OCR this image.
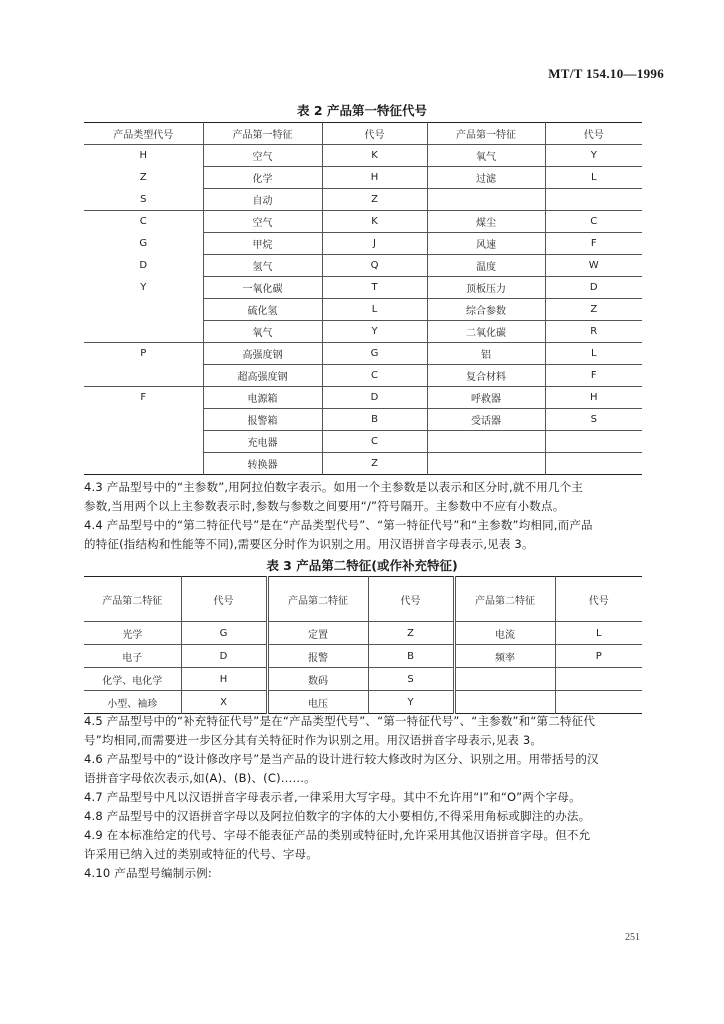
MT/T 154.10—1996
表 2 产品第一特征代号
产品类型代号	产品第一特征	代号	产品第一特征	代号
H	空气	K	氧气	Y
Z	化学	H	过滤	L
S	自动	Z		
C	空气	K	煤尘	C
G	甲烷	J	风速	F
D	氢气	Q	温度	W
Y	一氧化碳	T	顶板压力	D
	硫化氢	L	综合参数	Z
	氧气	Y	二氧化碳	R
P	高强度钢	G	铝	L
	超高强度钢	C	复合材料	F
F	电源箱	D	呼救器	H
	报警箱	B	受话器	S
	充电器	C		
	转换器	Z		
4.3 产品型号中的“主参数”,用阿拉伯数字表示。如用一个主参数是以表示和区分时,就不用几个主
参数,当用两个以上主参数表示时,参数与参数之间要用“/”符号隔开。主参数中不应有小数点。
4.4 产品型号中的“第二特征代号”是在“产品类型代号”、“第一特征代号”和“主参数”均相同,而产品
的特征(指结构和性能等不同),需要区分时作为识别之用。用汉语拼音字母表示,见表 3。
表 3 产品第二特征(或作补充特征)
产品第二特征	代号	产品第二特征	代号	产品第二特征	代号
光学	G	定置	Z	电流	L
电子	D	报警	B	频率	P
化学、电化学	H	数码	S		
小型、袖珍	X	电压	Y		
4.5 产品型号中的“补充特征代号”是在“产品类型代号”、“第一特征代号”、“主参数”和“第二特征代
号”均相同,而需要进一步区分其有关特征时作为识别之用。用汉语拼音字母表示,见表 3。
4.6 产品型号中的“设计修改序号”是当产品的设计进行较大修改时为区分、识别之用。用带括号的汉
语拼音字母依次表示,如(A)、(B)、(C)……。
4.7 产品型号中凡以汉语拼音字母表示者,一律采用大写字母。其中不允许用“I”和“O”两个字母。
4.8 产品型号中的汉语拼音字母以及阿拉伯数字的字体的大小要相仿,不得采用角标或脚注的办法。
4.9 在本标准给定的代号、字母不能表征产品的类别或特征时,允许采用其他汉语拼音字母。但不允
许采用已纳入过的类别或特征的代号、字母。
4.10 产品型号编制示例:
251
